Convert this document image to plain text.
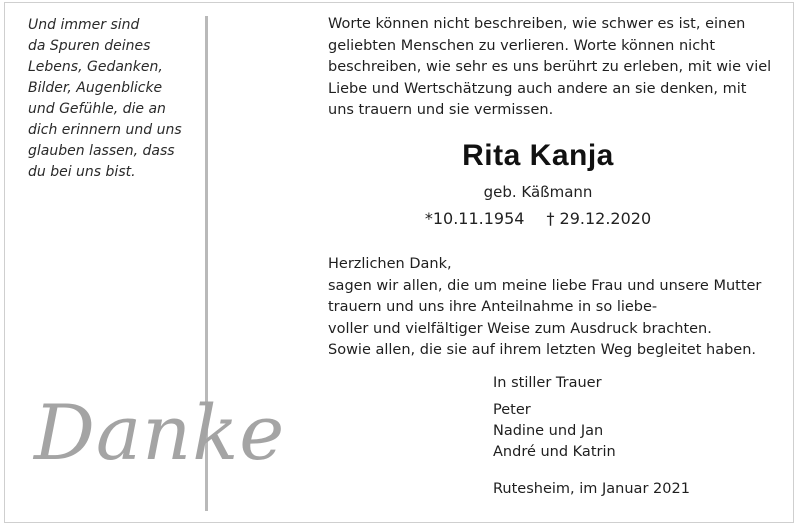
Und immer sind
da Spuren deines
Lebens, Gedanken,
Bilder, Augenblicke
und Gefühle, die an
dich erinnern und uns
glauben lassen, dass
du bei uns bist.
Danke
Worte können nicht beschreiben, wie schwer es ist, einen
geliebten Menschen zu verlieren. Worte können nicht
beschreiben, wie sehr es uns berührt zu erleben, mit wie viel
Liebe und Wertschätzung auch andere an sie denken, mit
uns trauern und sie vermissen.
Rita Kanja
geb. Käßmann
*10.11.1954 † 29.12.2020
Herzlichen Dank,
sagen wir allen, die um meine liebe Frau und unsere Mutter
trauern und uns ihre Anteilnahme in so liebe-
voller und vielfältiger Weise zum Ausdruck brachten.
Sowie allen, die sie auf ihrem letzten Weg begleitet haben.
In stiller Trauer
Peter
Nadine und Jan
André und Katrin
Rutesheim, im Januar 2021
